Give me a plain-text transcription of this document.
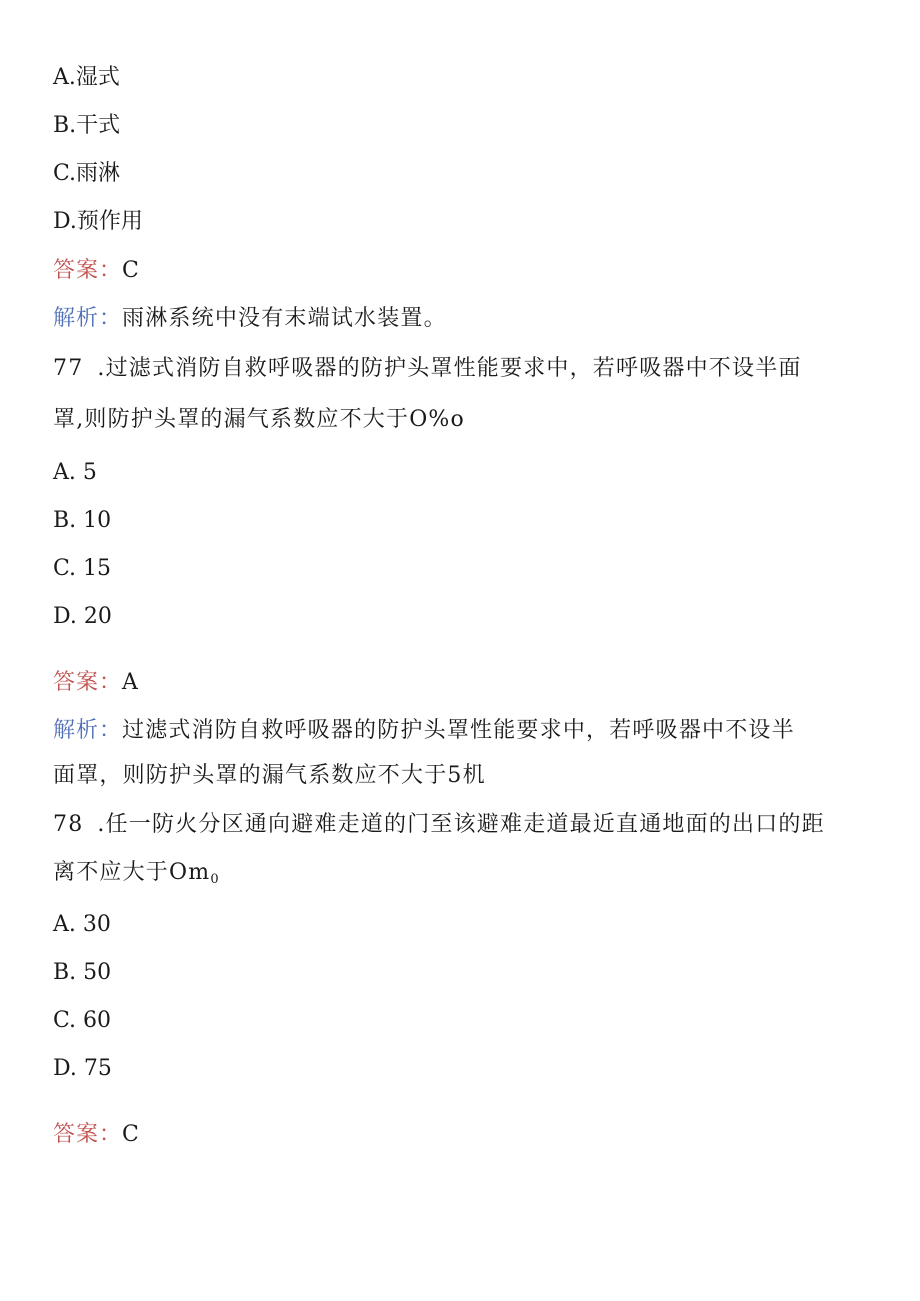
A.湿式
B.干式
C.雨淋
D.预作用
答案：C
解析：雨淋系统中没有末端试水装置。
77 .过滤式消防自救呼吸器的防护头罩性能要求中，若呼吸器中不设半面
罩,则防护头罩的漏气系数应不大于O%o
A. 5
B. 10
C. 15
D. 20
答案：A
解析：过滤式消防自救呼吸器的防护头罩性能要求中，若呼吸器中不设半
面罩，则防护头罩的漏气系数应不大于5机
78 .任一防火分区通向避难走道的门至该避难走道最近直通地面的出口的距
离不应大于$Om_0$
A. 30
B. 50
C. 60
D. 75
答案：C
